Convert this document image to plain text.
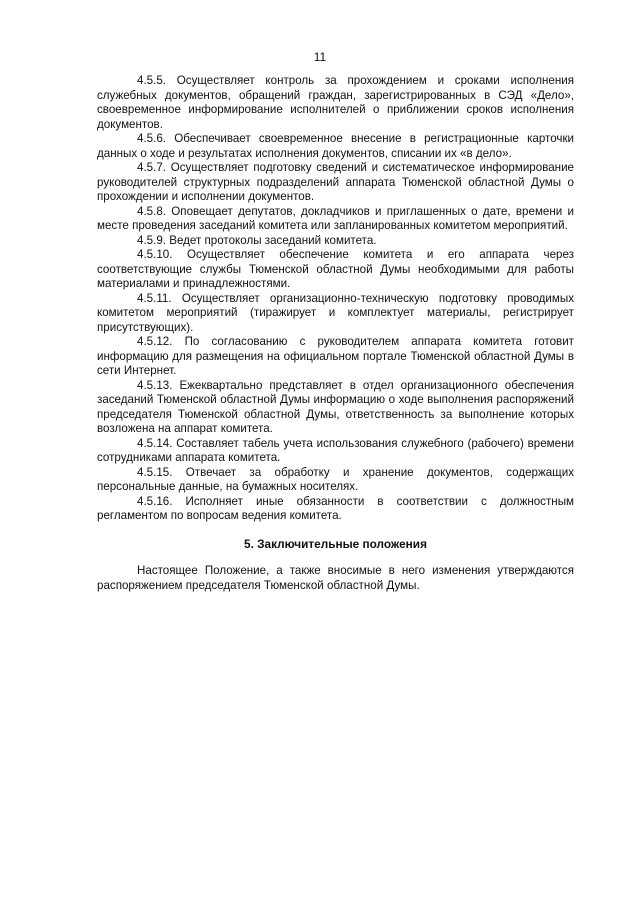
11

4.5.5. Осуществляет контроль за прохождением и сроками исполнения служебных документов, обращений граждан, зарегистрированных в СЭД «Дело», своевременное информирование исполнителей о приближении сроков исполнения документов.

4.5.6. Обеспечивает своевременное внесение в регистрационные карточки данных о ходе и результатах исполнения документов, списании их «в дело».

4.5.7. Осуществляет подготовку сведений и систематическое информирование руководителей структурных подразделений аппарата Тюменской областной Думы о прохождении и исполнении документов.

4.5.8. Оповещает депутатов, докладчиков и приглашенных о дате, времени и месте проведения заседаний комитета или запланированных комитетом мероприятий.

4.5.9. Ведет протоколы заседаний комитета.

4.5.10. Осуществляет обеспечение комитета и его аппарата через соответствующие службы Тюменской областной Думы необходимыми для работы материалами и принадлежностями.

4.5.11. Осуществляет организационно-техническую подготовку проводимых комитетом мероприятий (тиражирует и комплектует материалы, регистрирует присутствующих).

4.5.12. По согласованию с руководителем аппарата комитета готовит информацию для размещения на официальном портале Тюменской областной Думы в сети Интернет.

4.5.13. Ежеквартально представляет в отдел организационного обеспечения заседаний Тюменской областной Думы информацию о ходе выполнения распоряжений председателя Тюменской областной Думы, ответственность за выполнение которых возложена на аппарат комитета.

4.5.14. Составляет табель учета использования служебного (рабочего) времени сотрудниками аппарата комитета.

4.5.15. Отвечает за обработку и хранение документов, содержащих персональные данные, на бумажных носителях.

4.5.16. Исполняет иные обязанности в соответствии с должностным регламентом по вопросам ведения комитета.

5. Заключительные положения

Настоящее Положение, а также вносимые в него изменения утверждаются распоряжением председателя Тюменской областной Думы.
